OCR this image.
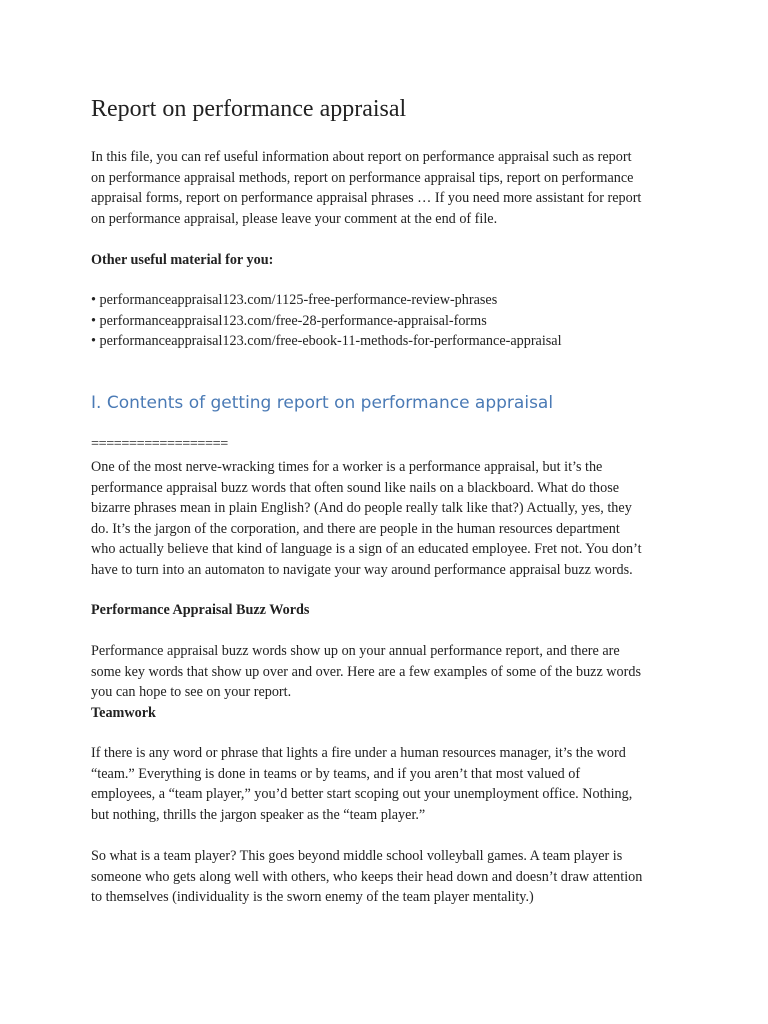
Report on performance appraisal
In this file, you can ref useful information about report on performance appraisal such as report
on performance appraisal methods, report on performance appraisal tips, report on performance
appraisal forms, report on performance appraisal phrases … If you need more assistant for report
on performance appraisal, please leave your comment at the end of file.
Other useful material for you:
• performanceappraisal123.com/1125-free-performance-review-phrases
• performanceappraisal123.com/free-28-performance-appraisal-forms
• performanceappraisal123.com/free-ebook-11-methods-for-performance-appraisal
I. Contents of getting report on performance appraisal
==================
One of the most nerve-wracking times for a worker is a performance appraisal, but it’s the
performance appraisal buzz words that often sound like nails on a blackboard. What do those
bizarre phrases mean in plain English? (And do people really talk like that?) Actually, yes, they
do. It’s the jargon of the corporation, and there are people in the human resources department
who actually believe that kind of language is a sign of an educated employee. Fret not. You don’t
have to turn into an automaton to navigate your way around performance appraisal buzz words.
Performance Appraisal Buzz Words
Performance appraisal buzz words show up on your annual performance report, and there are
some key words that show up over and over. Here are a few examples of some of the buzz words
you can hope to see on your report.
Teamwork
If there is any word or phrase that lights a fire under a human resources manager, it’s the word
“team.” Everything is done in teams or by teams, and if you aren’t that most valued of
employees, a “team player,” you’d better start scoping out your unemployment office. Nothing,
but nothing, thrills the jargon speaker as the “team player.”
So what is a team player? This goes beyond middle school volleyball games. A team player is
someone who gets along well with others, who keeps their head down and doesn’t draw attention
to themselves (individuality is the sworn enemy of the team player mentality.)
